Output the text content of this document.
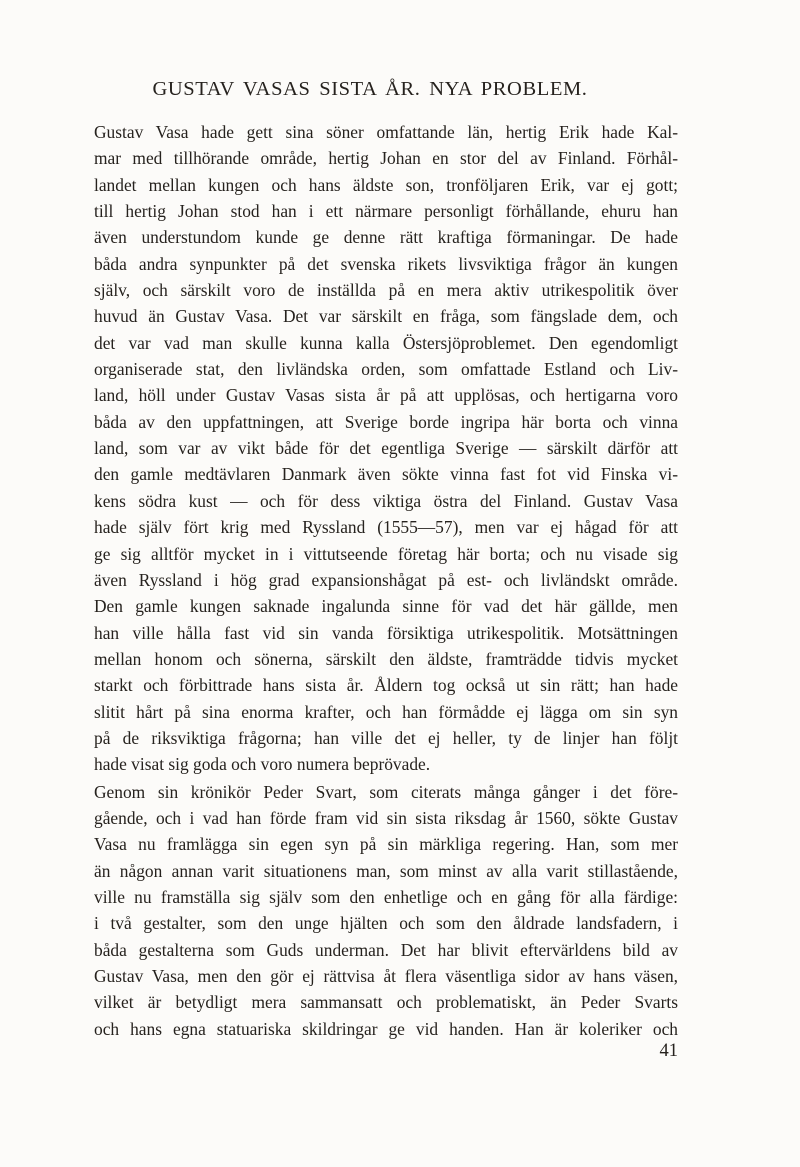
GUSTAV VASAS SISTA ÅR. NYA PROBLEM.
Gustav Vasa hade gett sina söner omfattande län, hertig Erik hade Kal-
mar med tillhörande område, hertig Johan en stor del av Finland. Förhål-
landet mellan kungen och hans äldste son, tronföljaren Erik, var ej gott;
till hertig Johan stod han i ett närmare personligt förhållande, ehuru han
även understundom kunde ge denne rätt kraftiga förmaningar. De hade
båda andra synpunkter på det svenska rikets livsviktiga frågor än kungen
själv, och särskilt voro de inställda på en mera aktiv utrikespolitik över
huvud än Gustav Vasa. Det var särskilt en fråga, som fängslade dem, och
det var vad man skulle kunna kalla Östersjöproblemet. Den egendomligt
organiserade stat, den livländska orden, som omfattade Estland och Liv-
land, höll under Gustav Vasas sista år på att upplösas, och hertigarna voro
båda av den uppfattningen, att Sverige borde ingripa här borta och vinna
land, som var av vikt både för det egentliga Sverige — särskilt därför att
den gamle medtävlaren Danmark även sökte vinna fast fot vid Finska vi-
kens södra kust — och för dess viktiga östra del Finland. Gustav Vasa
hade själv fört krig med Ryssland (1555—57), men var ej hågad för att
ge sig alltför mycket in i vittutseende företag här borta; och nu visade sig
även Ryssland i hög grad expansionshågat på est- och livländskt område.
Den gamle kungen saknade ingalunda sinne för vad det här gällde, men
han ville hålla fast vid sin vanda försiktiga utrikespolitik. Motsättningen
mellan honom och sönerna, särskilt den äldste, framträdde tidvis mycket
starkt och förbittrade hans sista år. Åldern tog också ut sin rätt; han hade
slitit hårt på sina enorma krafter, och han förmådde ej lägga om sin syn
på de riksviktiga frågorna; han ville det ej heller, ty de linjer han följt
hade visat sig goda och voro numera beprövade.
Genom sin krönikör Peder Svart, som citerats många gånger i det före-
gående, och i vad han förde fram vid sin sista riksdag år 1560, sökte Gustav
Vasa nu framlägga sin egen syn på sin märkliga regering. Han, som mer
än någon annan varit situationens man, som minst av alla varit stillastående,
ville nu framställa sig själv som den enhetlige och en gång för alla färdige:
i två gestalter, som den unge hjälten och som den åldrade landsfadern, i
båda gestalterna som Guds underman. Det har blivit eftervärldens bild av
Gustav Vasa, men den gör ej rättvisa åt flera väsentliga sidor av hans väsen,
vilket är betydligt mera sammansatt och problematiskt, än Peder Svarts
och hans egna statuariska skildringar ge vid handen. Han är koleriker och
41
